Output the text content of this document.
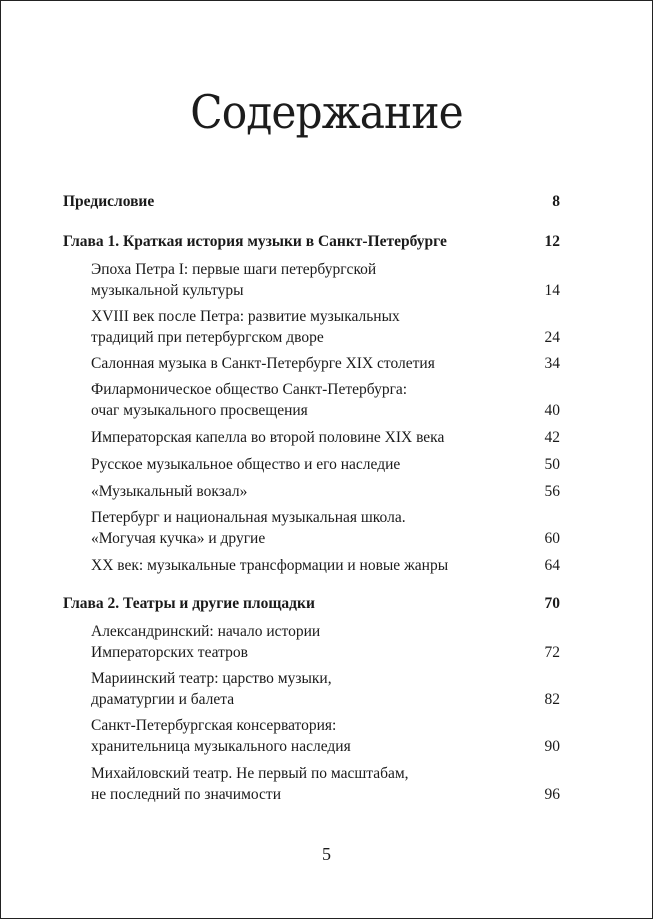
Содержание
Предисловие	8
Глава 1. Краткая история музыки в Санкт-Петербурге	12
Эпоха Петра I: первые шаги петербургской
музыкальной культуры	14
XVIII век после Петра: развитие музыкальных
традиций при петербургском дворе	24
Салонная музыка в Санкт-Петербурге XIX столетия	34
Филармоническое общество Санкт-Петербурга:
очаг музыкального просвещения	40
Императорская капелла во второй половине XIX века	42
Русское музыкальное общество и его наследие	50
«Музыкальный вокзал»	56
Петербург и национальная музыкальная школа.
«Могучая кучка» и другие	60
XX век: музыкальные трансформации и новые жанры	64
Глава 2. Театры и другие площадки	70
Александринский: начало истории
Императорских театров	72
Мариинский театр: царство музыки,
драматургии и балета	82
Санкт-Петербургская консерватория:
хранительница музыкального наследия	90
Михайловский театр. Не первый по масштабам,
не последний по значимости	96
5
